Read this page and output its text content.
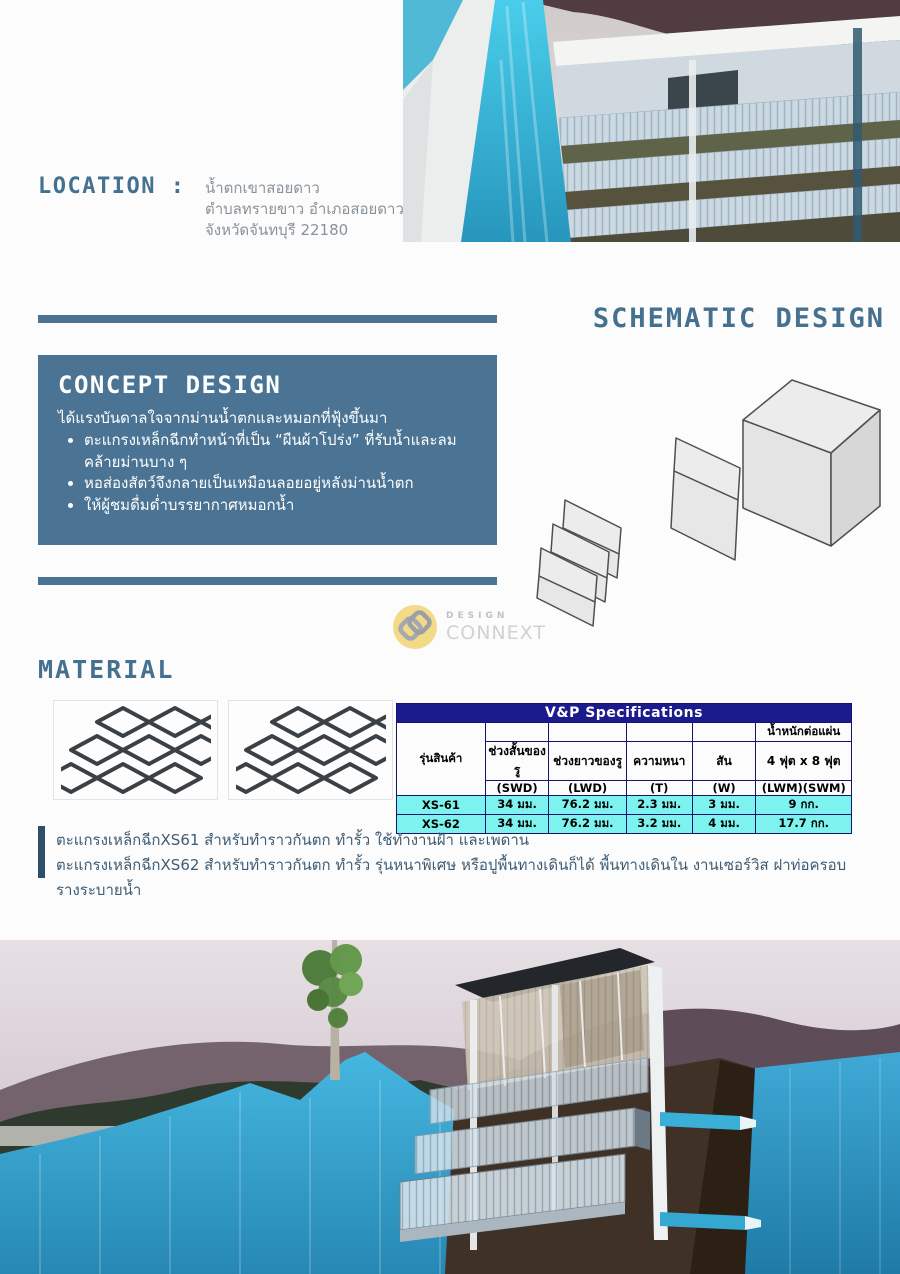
LOCATION : น้ำตกเขาสอยดาว
ตำบลทรายขาว อำเภอสอยดาว
จังหวัดจันทบุรี 22180
SCHEMATIC DESIGN
CONCEPT DESIGN
ได้แรงบันดาลใจจากม่านน้ำตกและหมอกที่ฟุ้งขึ้นมา
• ตะแกรงเหล็กฉีกทำหน้าที่เป็น “ผืนผ้าโปร่ง” ที่รับน้ำและลม คล้ายม่านบาง ๆ
• หอส่องสัตว์จึงกลายเป็นเหมือนลอยอยู่หลังม่านน้ำตก
• ให้ผู้ชมดื่มด่ำบรรยากาศหมอกน้ำ
DESIGN
CONNEXT
MATERIAL
V&P Specifications					
รุ่นสินค้า					น้ำหนักต่อแผ่น
	ช่วงสั้นของรู	ช่วงยาวของรู	ความหนา	สัน	4 ฟุต x 8 ฟุต
	(SWD)	(LWD)	(T)	(W)	(LWM)(SWM)
XS-61	34 มม.	76.2 มม.	2.3 มม.	3 มม.	9 กก.
XS-62	34 มม.	76.2 มม.	3.2 มม.	4 มม.	17.7 กก.
ตะแกรงเหล็กฉีกXS61 สำหรับทำราวกันตก ทำรั้ว ใช้ทำงานฝ้า และเพดาน
ตะแกรงเหล็กฉีกXS62 สำหรับทำราวกันตก ทำรั้ว รุ่นหนาพิเศษ หรือปูพื้นทางเดินก็ได้ พื้นทางเดินใน งานเซอร์วิส ฝาท่อครอบรางระบายน้ำ
